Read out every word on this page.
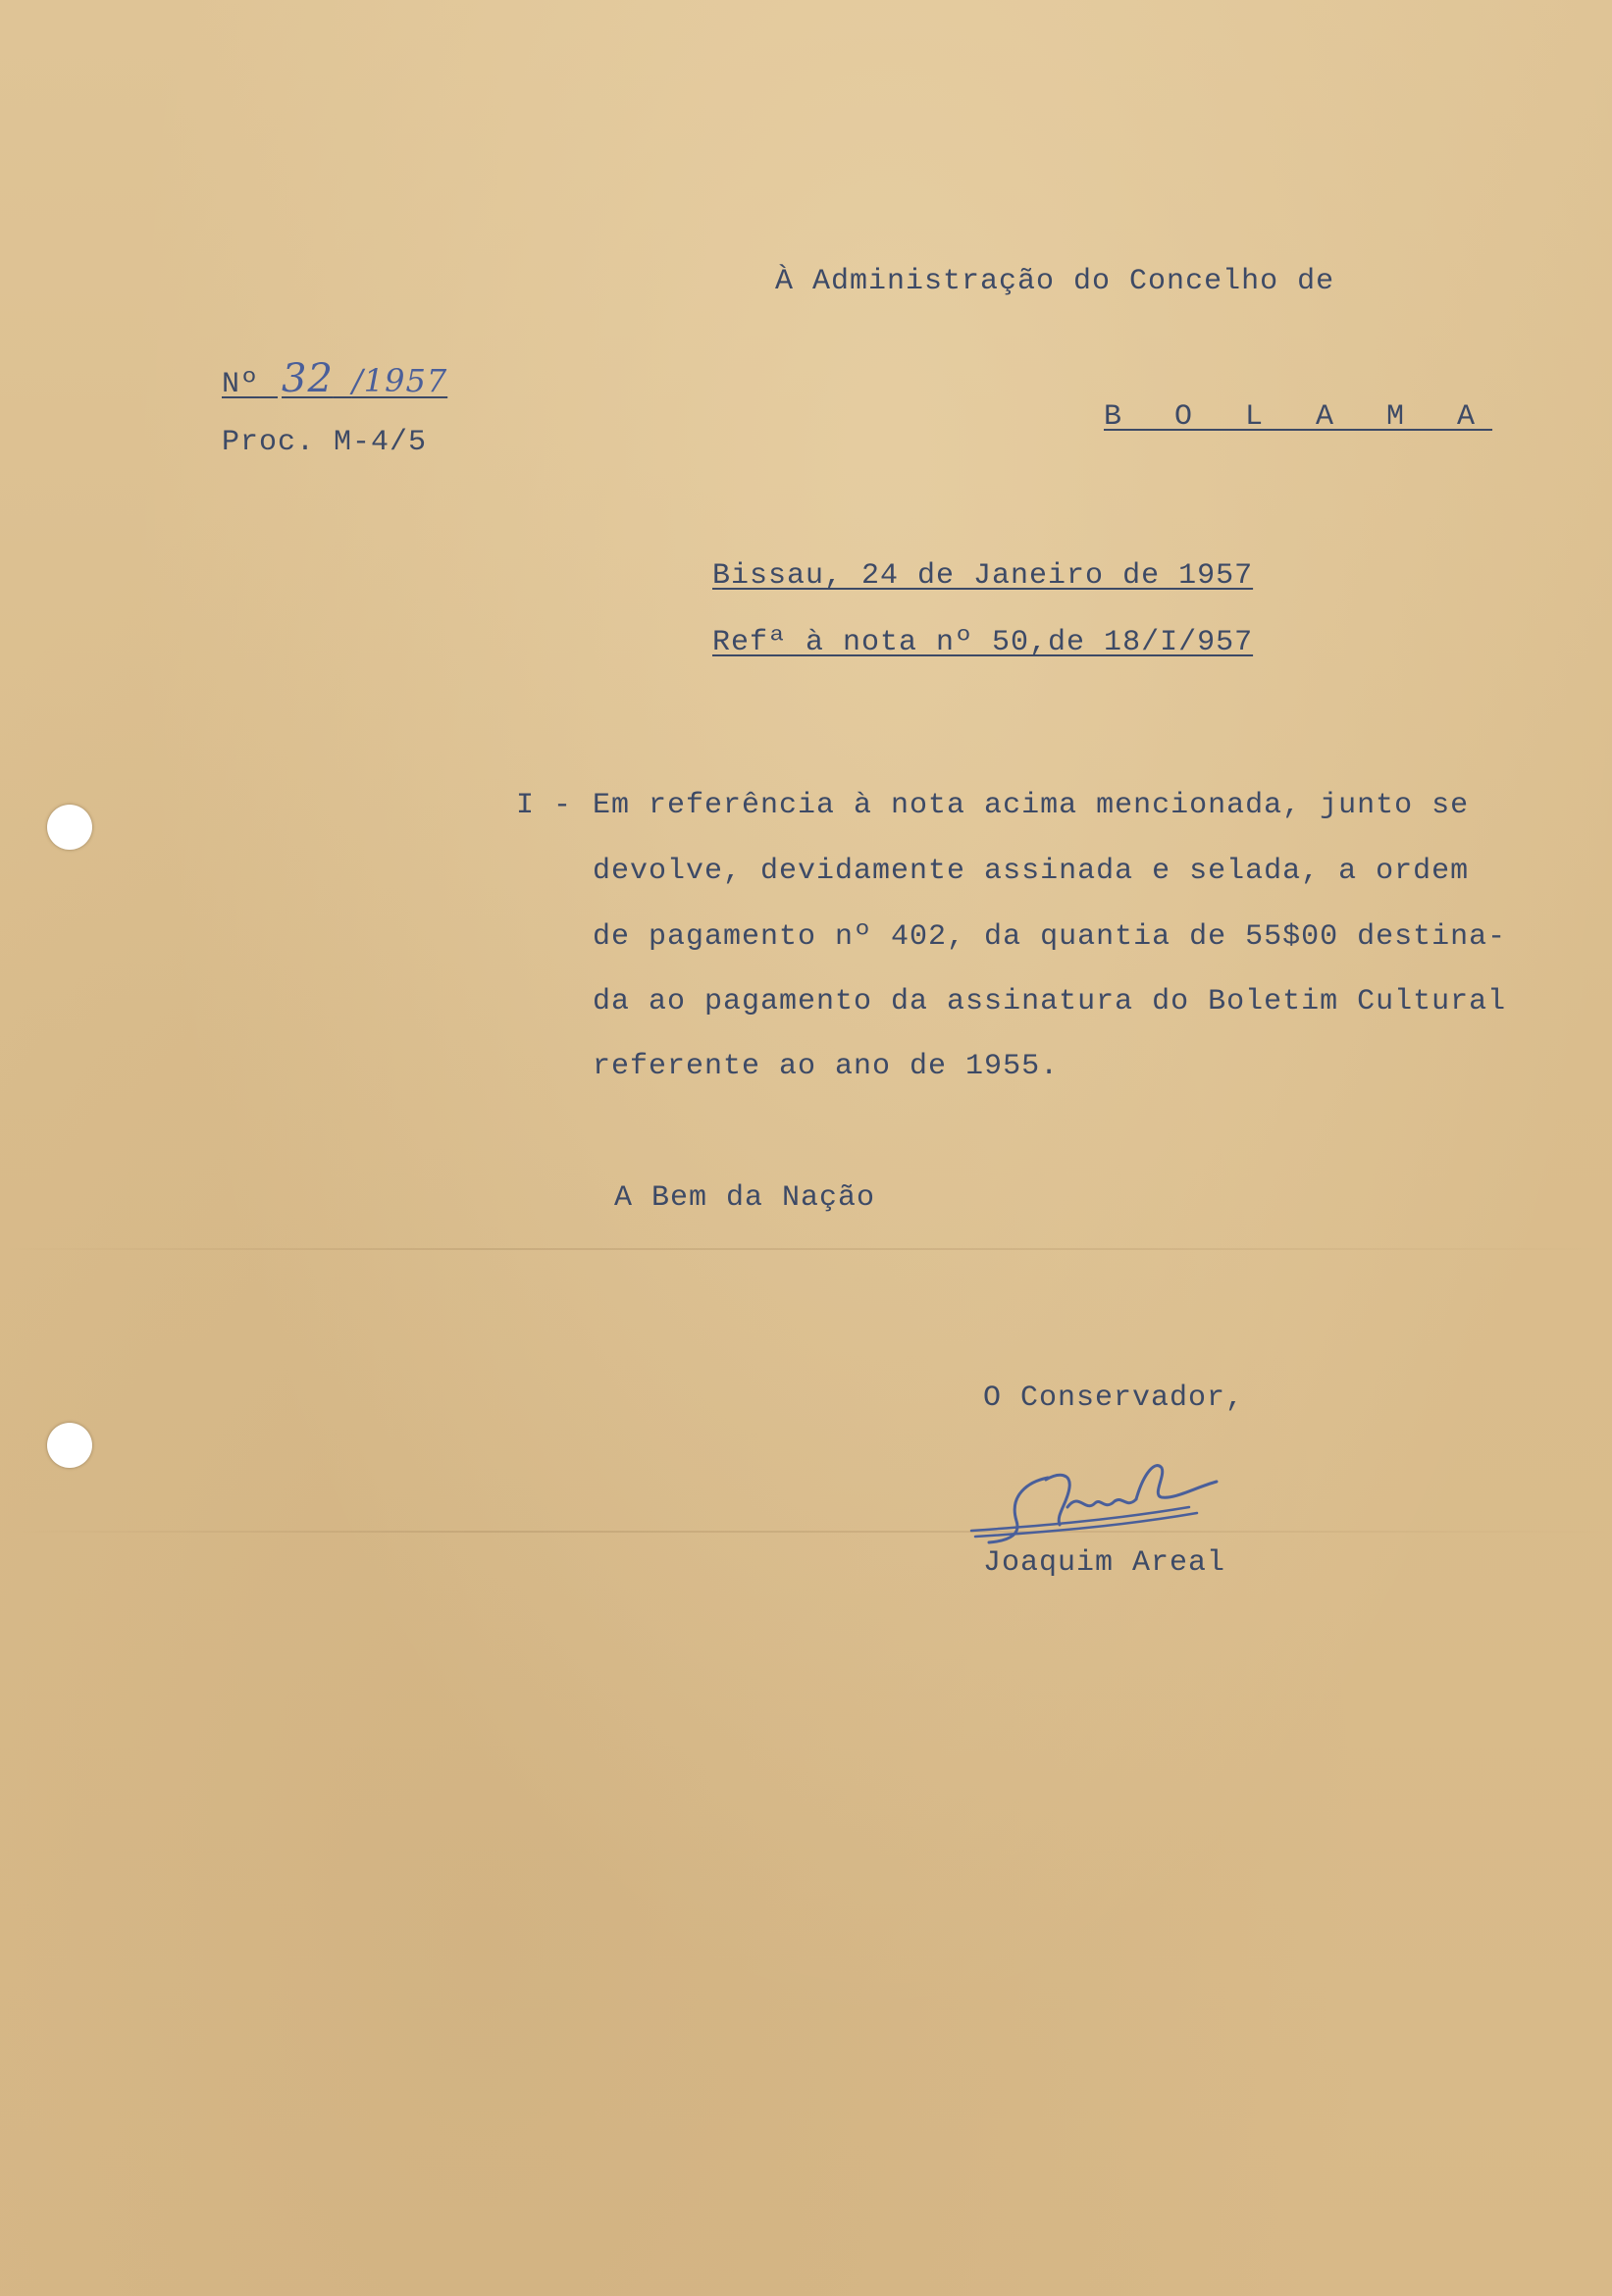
À Administração do Concelho de
B O L A M A
Nº 32 /1957
Proc. M-4/5
Bissau, 24 de Janeiro de 1957
Refª à nota nº 50,de 18/I/957
I - Em referência à nota acima mencionada, junto se
devolve, devidamente assinada e selada, a ordem
de pagamento nº 402, da quantia de 55$00 destina-
da ao pagamento da assinatura do Boletim Cultural
referente ao ano de 1955.
A Bem da Nação
O Conservador,
Joaquim Areal
